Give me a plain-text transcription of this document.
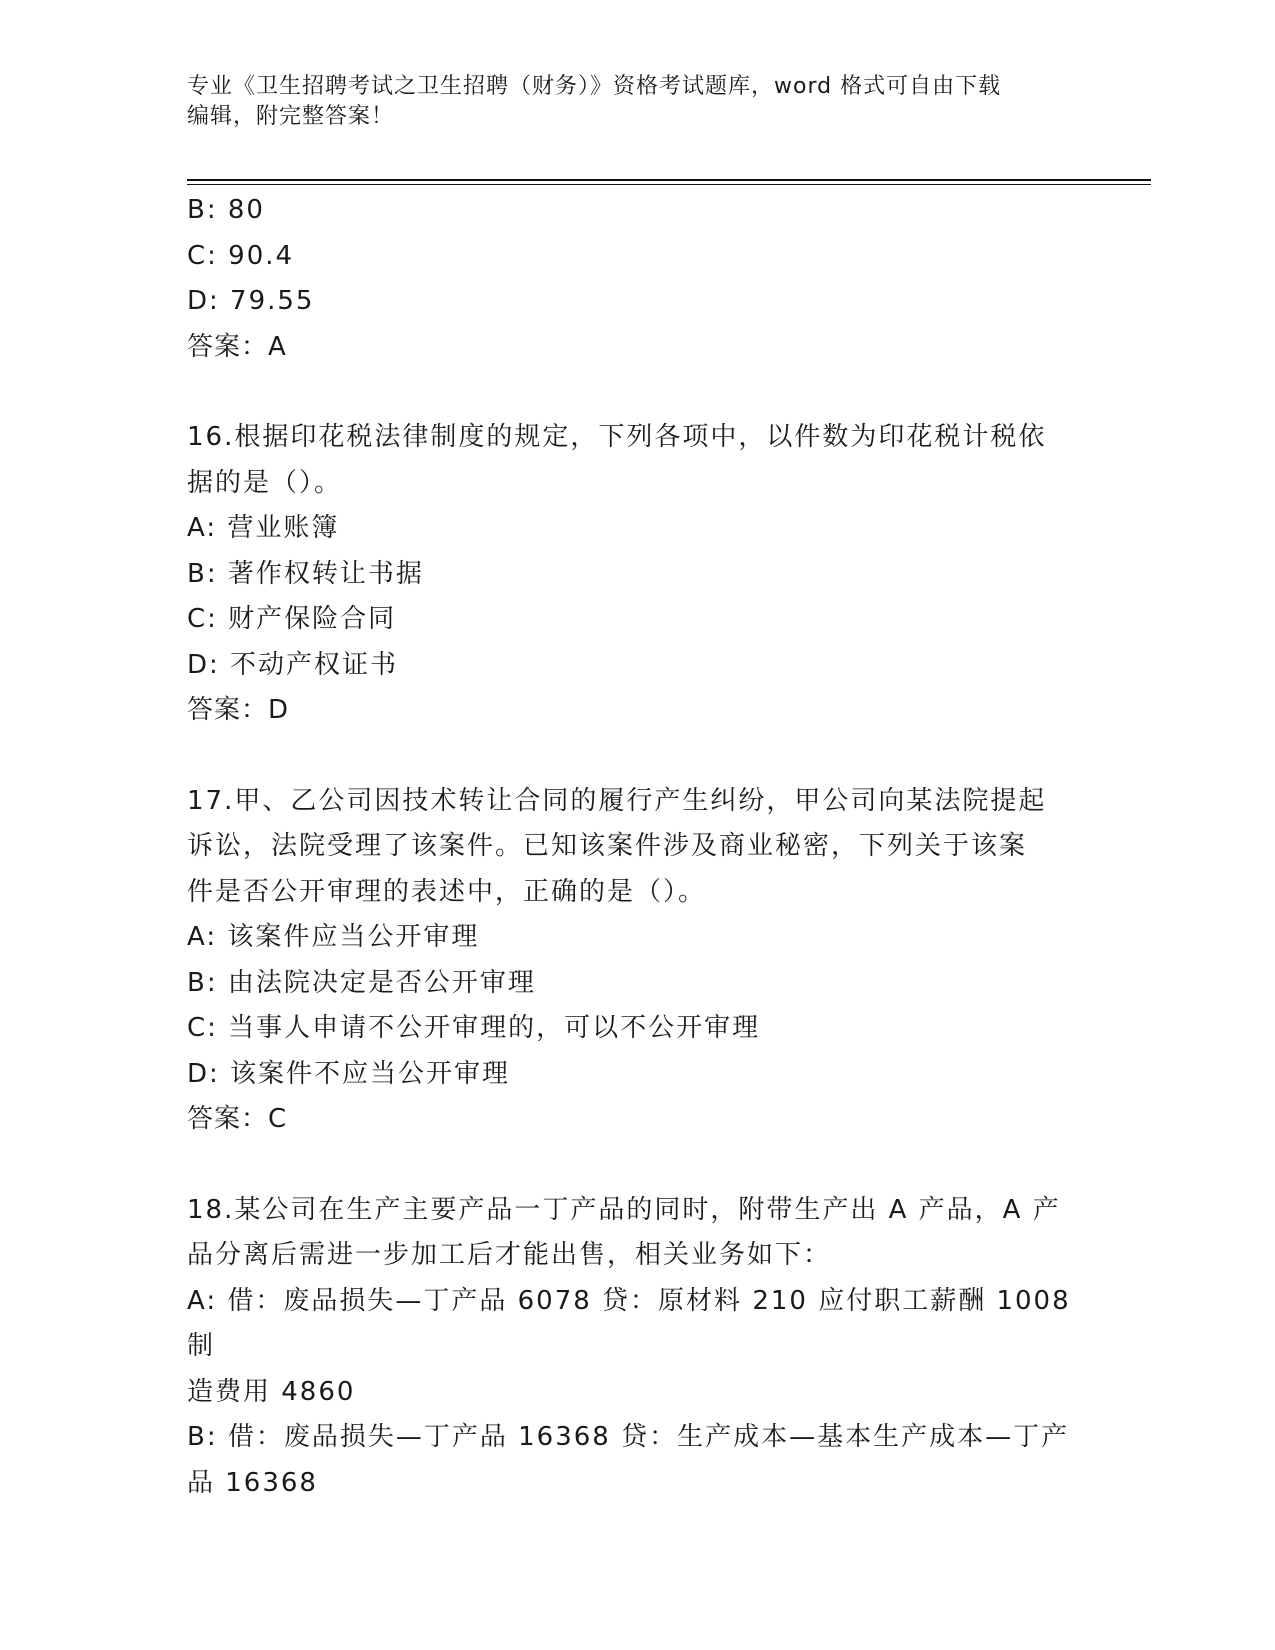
专业《卫生招聘考试之卫生招聘（财务）》资格考试题库，word 格式可自由下载
编辑，附完整答案！
B: 80
C: 90.4
D: 79.55
答案：A
16.根据印花税法律制度的规定，下列各项中，以件数为印花税计税依
据的是（）。
A: 营业账簿
B: 著作权转让书据
C: 财产保险合同
D: 不动产权证书
答案：D
17.甲、乙公司因技术转让合同的履行产生纠纷，甲公司向某法院提起
诉讼，法院受理了该案件。已知该案件涉及商业秘密，下列关于该案
件是否公开审理的表述中，正确的是（）。
A: 该案件应当公开审理
B: 由法院决定是否公开审理
C: 当事人申请不公开审理的，可以不公开审理
D: 该案件不应当公开审理
答案：C
18.某公司在生产主要产品一丁产品的同时，附带生产出 A 产品，A 产
品分离后需进一步加工后才能出售，相关业务如下：
A: 借：废品损失—丁产品 6078 贷：原材料 210 应付职工薪酬 1008 制
造费用 4860
B: 借：废品损失—丁产品 16368 贷：生产成本—基本生产成本—丁产
品 16368
